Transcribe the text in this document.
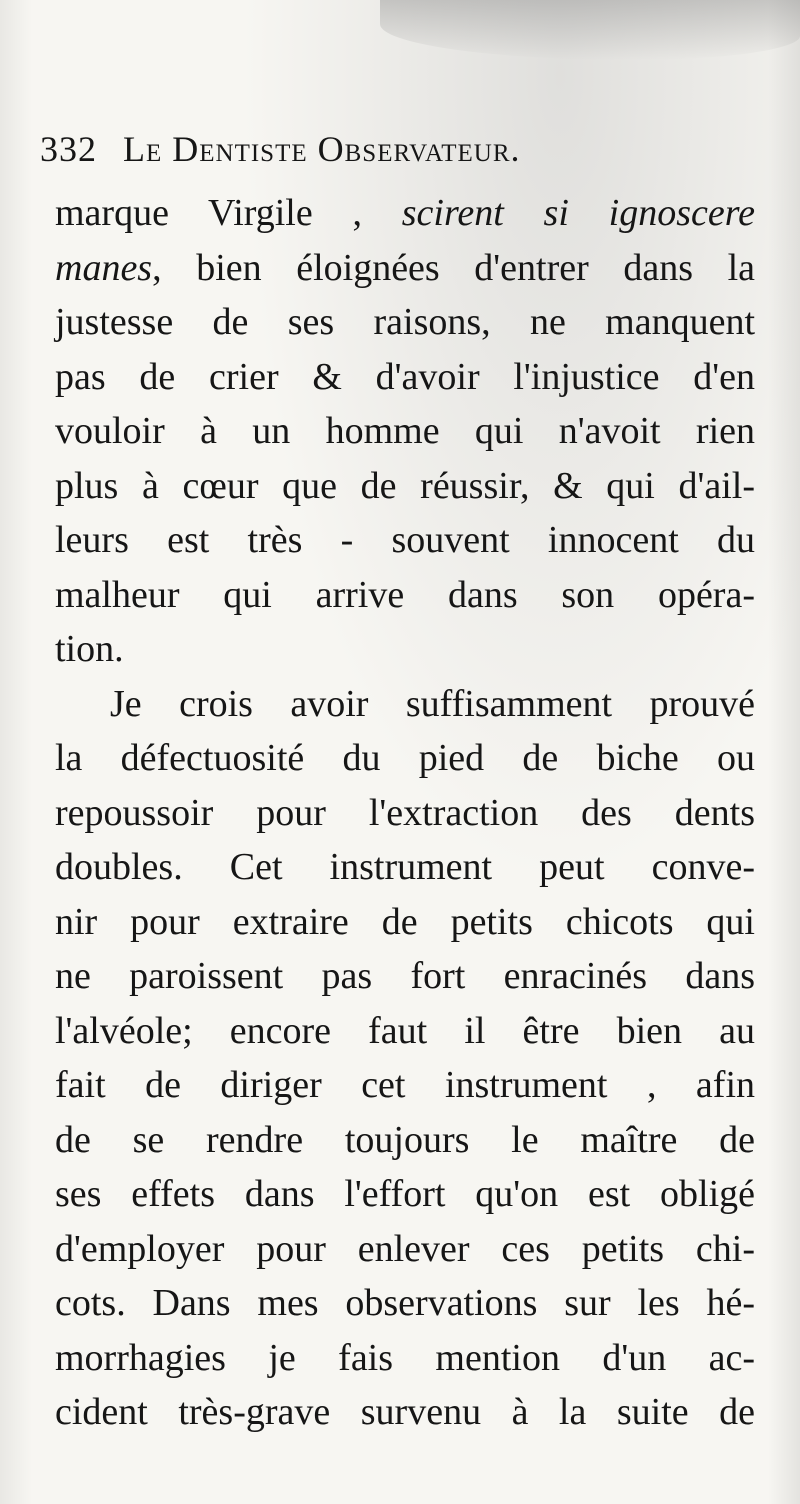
332 Le Dentiste Observateur.
marque Virgile , scirent si ignoscere
manes, bien éloignées d'entrer dans la
justesse de ses raisons, ne manquent
pas de crier & d'avoir l'injustice d'en
vouloir à un homme qui n'avoit rien
plus à cœur que de réussir, & qui d'ail-
leurs est très - souvent innocent du
malheur qui arrive dans son opéra-
tion.
Je crois avoir suffisamment prouvé
la défectuosité du pied de biche ou
repoussoir pour l'extraction des dents
doubles. Cet instrument peut conve-
nir pour extraire de petits chicots qui
ne paroissent pas fort enracinés dans
l'alvéole; encore faut il être bien au
fait de diriger cet instrument , afin
de se rendre toujours le maître de
ses effets dans l'effort qu'on est obligé
d'employer pour enlever ces petits chi-
cots. Dans mes observations sur les hé-
morrhagies je fais mention d'un ac-
cident très-grave survenu à la suite de
